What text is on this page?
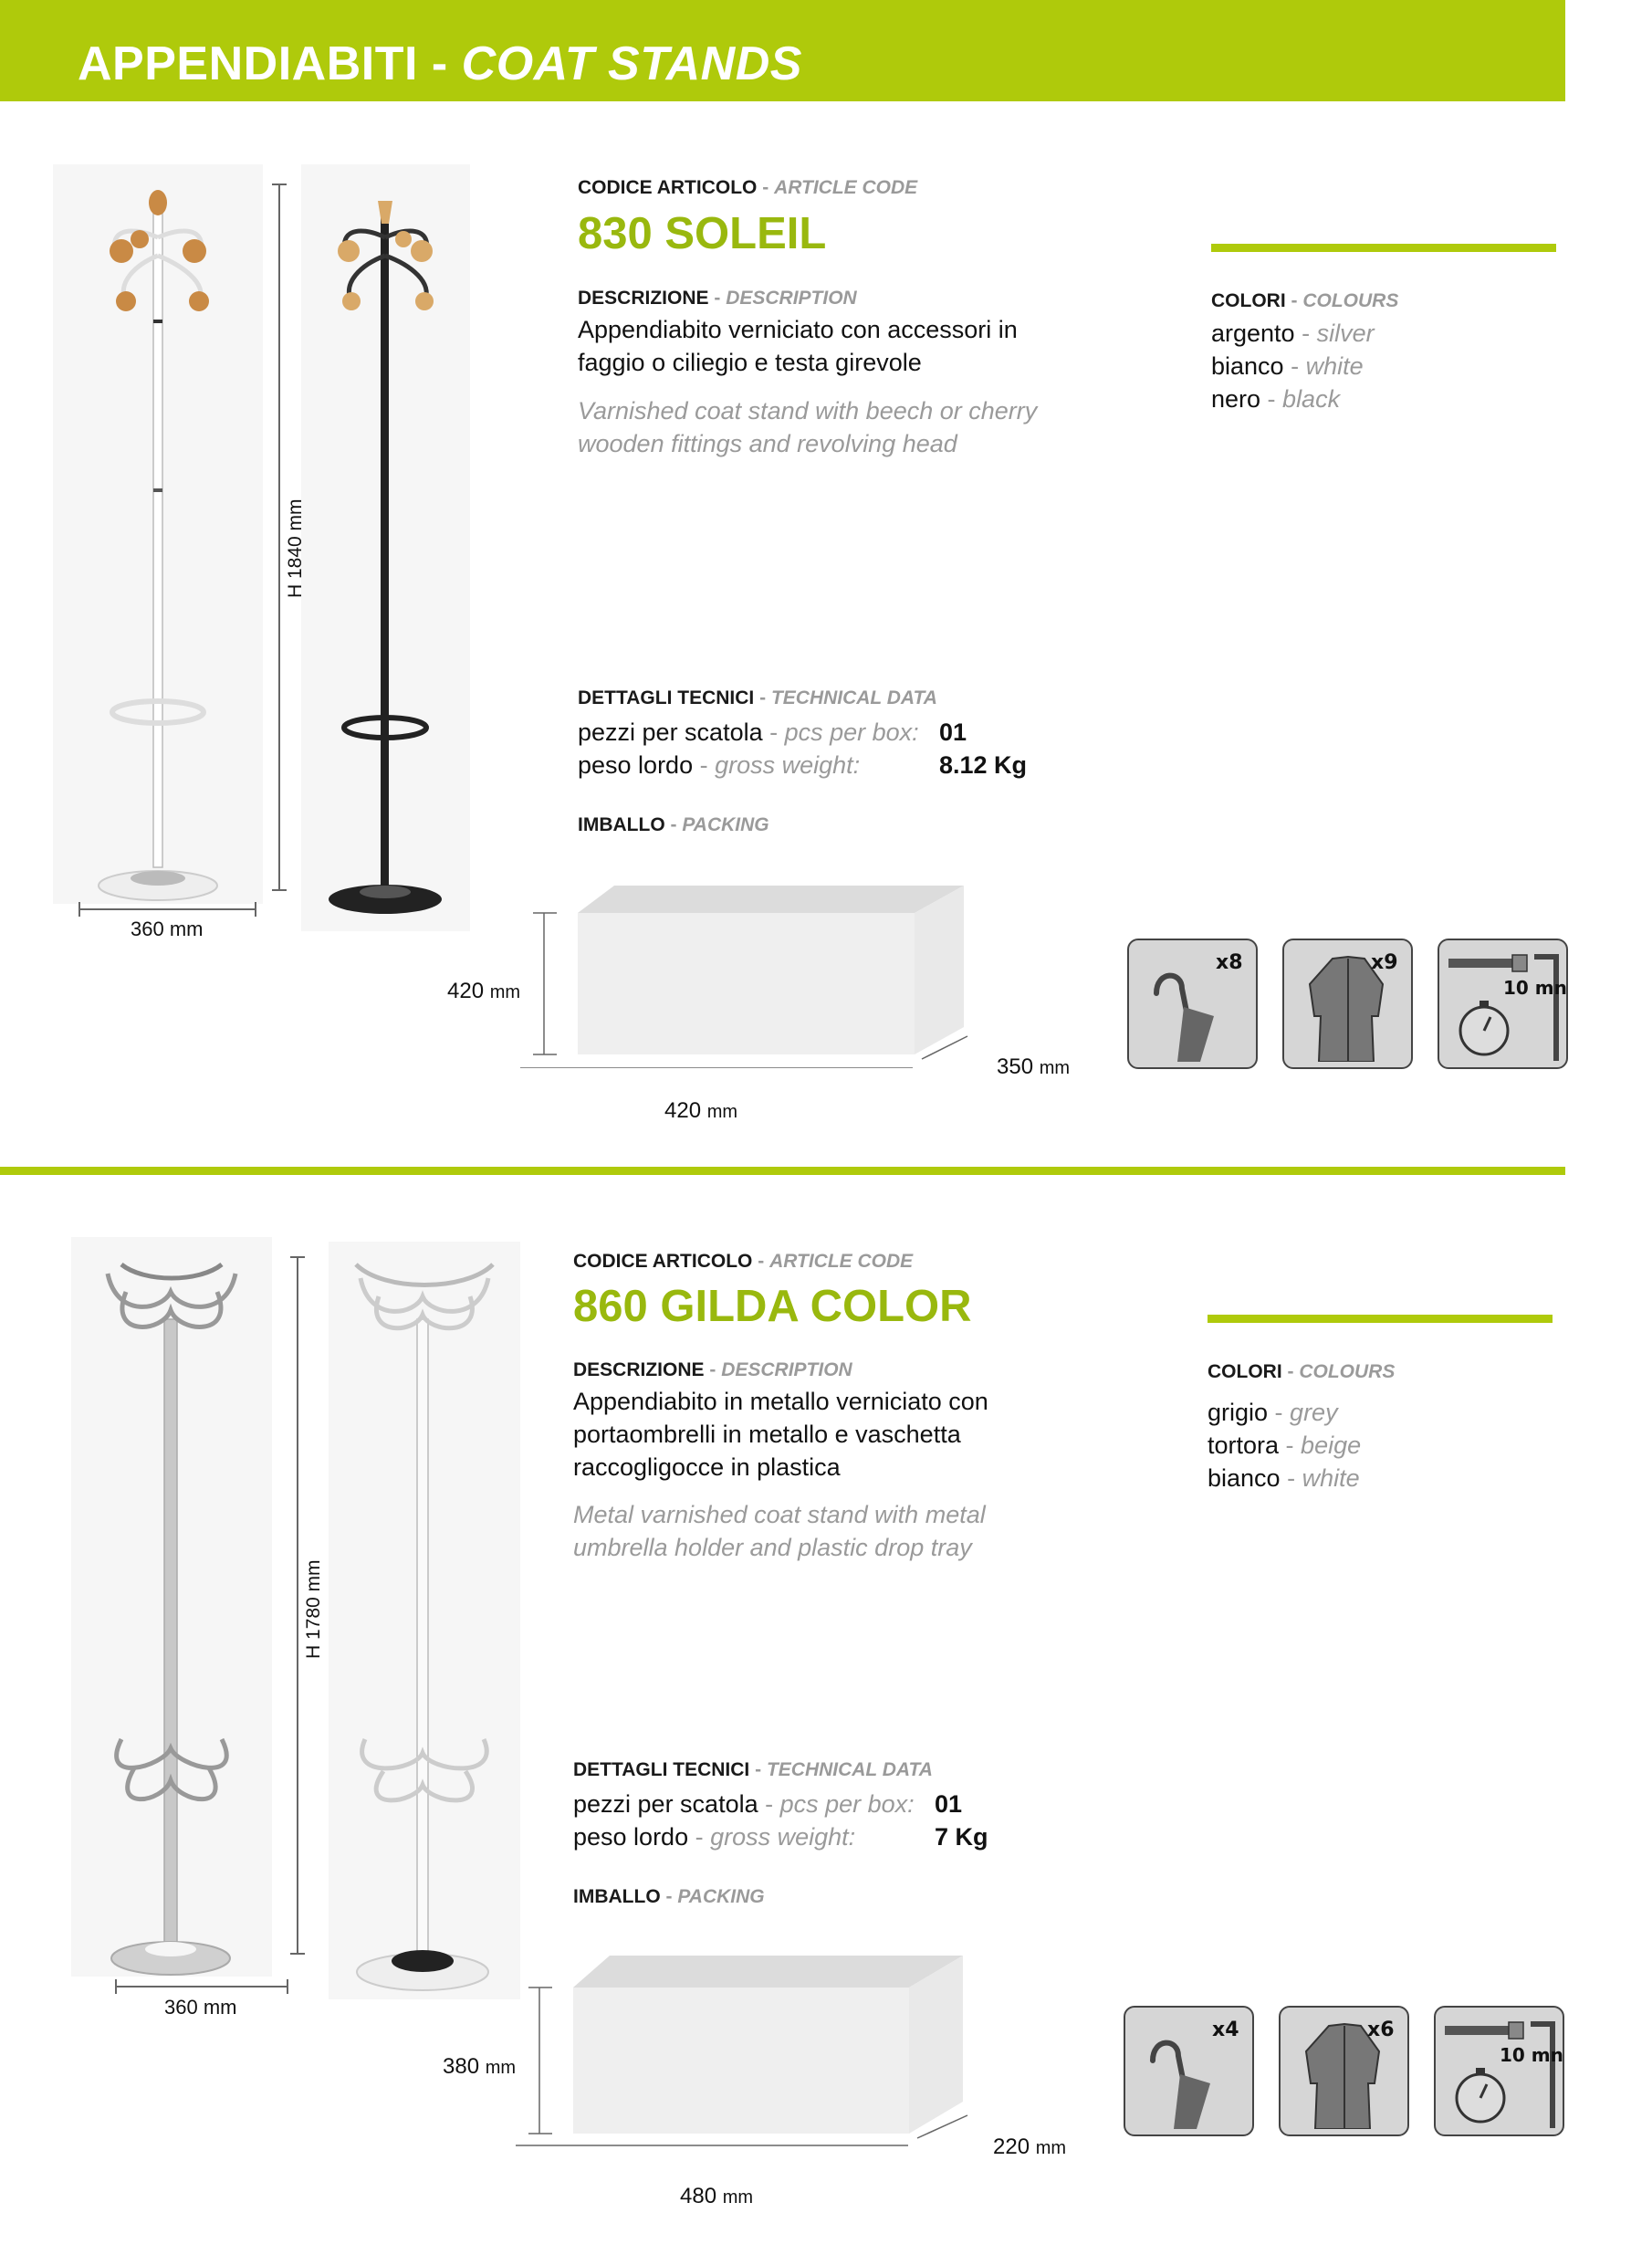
APPENDIABITI - COAT STANDS
H 1840 mm
360 mm
CODICE ARTICOLO - ARTICLE CODE
830 SOLEIL
DESCRIZIONE - DESCRIPTION
Appendiabito verniciato con accessori in faggio o ciliegio e testa girevole
Varnished coat stand with beech or cherry wooden fittings and revolving head
COLORI - COLOURS
argento - silver
bianco - white
nero - black
DETTAGLI TECNICI - TECHNICAL DATA
pezzi per scatola - pcs per box: 01
peso lordo - gross weight:	8.12 Kg
IMBALLO - PACKING
420 mm
420 mm
350 mm
x8	x9
10 mn
H 1780 mm
360 mm
CODICE ARTICOLO - ARTICLE CODE
860 GILDA COLOR
DESCRIZIONE - DESCRIPTION
Appendiabito in metallo verniciato con portaombrelli in metallo e vaschetta raccogligocce in plastica
Metal varnished coat stand with metal umbrella holder and plastic drop tray
COLORI - COLOURS
grigio - grey
tortora - beige
bianco - white
DETTAGLI TECNICI - TECHNICAL DATA
pezzi per scatola - pcs per box: 01
peso lordo - gross weight:	7 Kg
IMBALLO - PACKING
380 mm
480 mm
220 mm
x4	x6
10 mn
